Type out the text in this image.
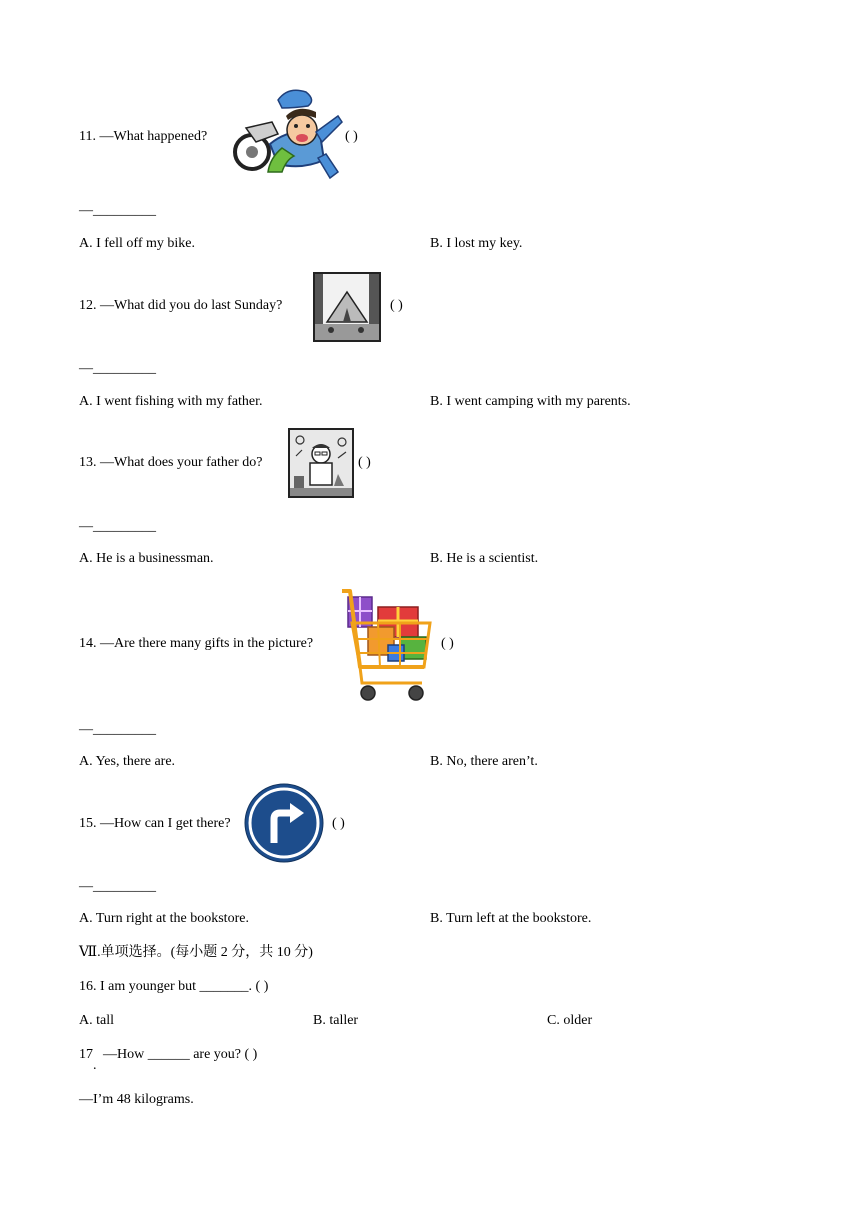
11. —What happened?	( )
—_________
A. I fell off my bike.	B. I lost my key.
12. —What did you do last Sunday?	( )
—_________
A. I went fishing with my father.	B. I went camping with my parents.
13. —What does your father do?	( )
—_________
A. He is a businessman.	B. He is a scientist.
14. —Are there many gifts in the picture?	( )
—_________
A. Yes, there are.	B. No, there aren’t.
15. —How can I get there?	( )
—_________
A. Turn right at the bookstore.	B. Turn left at the bookstore.
Ⅶ.单项选择。(每小题 2 分，共 10 分)
16. I am younger but _______. ( )
A. tall	B. taller	C. older
17
.
—How ______ are you? ( )
—I’m 48 kilograms.
